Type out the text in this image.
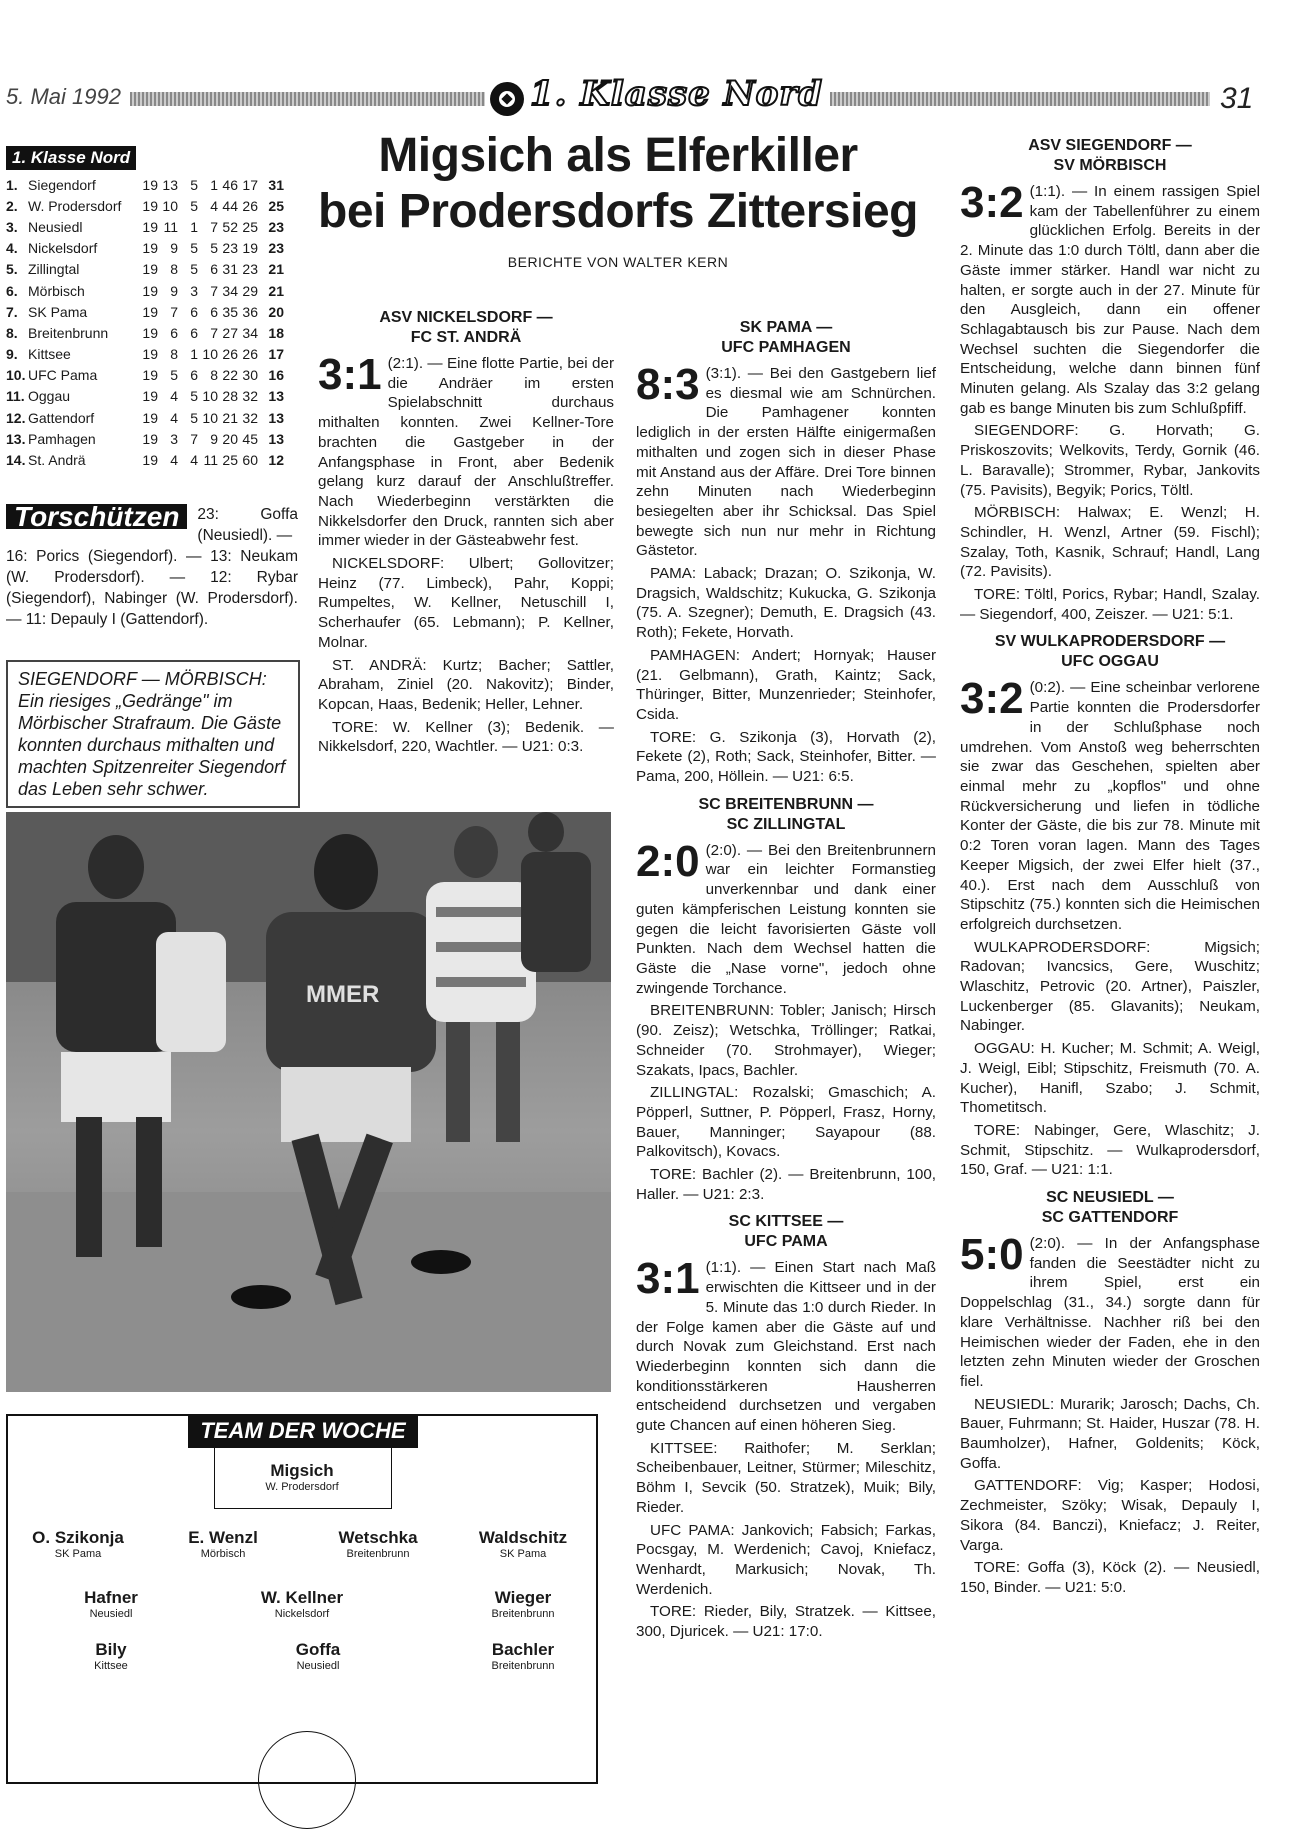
5. Mai 1992	1. Klasse Nord	31
1. Klasse Nord
1. Siegendorf	19 13 5 1 46 17 31
2. W. Prodersdorf	19 10 5 4 44 26 25
3. Neusiedl	19 11 1 7 52 25 23
4. Nickelsdorf	19 9 5 5 23 19 23
5. Zillingtal	19 8 5 6 31 23 21
6. Mörbisch	19 9 3 7 34 29 21
7. SK Pama	19 7 6 6 35 36 20
8. Breitenbrunn	19 6 6 7 27 34 18
9. Kittsee	19 8 1 10 26 26 17
10. UFC Pama	19 5 6 8 22 30 16
11. Oggau	19 4 5 10 28 32 13
12. Gattendorf	19 4 5 10 21 32 13
13. Pamhagen	19 3 7 9 20 45 13
14. St. Andrä	19 4 4 11 25 60 12
Torschützen	23: Goffa (Neusiedl). —
16: Porics (Siegendorf). — 13: Neukam (W. Prodersdorf). — 12: Rybar (Siegendorf), Nabinger (W. Prodersdorf). — 11: Depauly I (Gattendorf).
SIEGENDORF — MÖRBISCH: Ein riesiges „Gedränge" im Mörbischer Strafraum. Die Gäste konnten durchaus mithalten und machten Spitzenreiter Siegendorf das Leben sehr schwer.
MMER
TEAM DER WOCHE
Migsich
W. Prodersdorf
O. Szikonja
SK Pama
E. Wenzl
Mörbisch
Wetschka
Breitenbrunn
Waldschitz
SK Pama
Hafner
Neusiedl
W. Kellner
Nickelsdorf
Wieger
Breitenbrunn
Bily
Kittsee
Goffa
Neusiedl
Bachler
Breitenbrunn
Migsich als Elferkiller
bei Prodersdorfs Zittersieg
BERICHTE VON WALTER KERN
ASV NICKELSDORF —
FC ST. ANDRÄ
3:1 (2:1). — Eine flotte Partie, bei der die Andräer im ersten Spielabschnitt durchaus mithalten konnten. Zwei Kellner-Tore brachten die Gastgeber in der Anfangsphase in Front, aber Bedenik gelang kurz darauf der Anschlußtreffer. Nach Wiederbeginn verstärkten die Nikkelsdorfer den Druck, rannten sich aber immer wieder in der Gästeabwehr fest.

NICKELSDORF: Ulbert; Gollovitzer; Heinz (77. Limbeck), Pahr, Koppi; Rumpeltes, W. Kellner, Netuschill I, Scherhaufer (65. Lebmann); P. Kellner, Molnar.

ST. ANDRÄ: Kurtz; Bacher; Sattler, Abraham, Ziniel (20. Nakovitz); Binder, Kopcan, Haas, Bedenik; Heller, Lehner.

TORE: W. Kellner (3); Bedenik. — Nikkelsdorf, 220, Wachtler. — U21: 0:3.

SK PAMA —
UFC PAMHAGEN
8:3 (3:1). — Bei den Gastgebern lief es diesmal wie am Schnürchen. Die Pamhagener konnten lediglich in der ersten Hälfte einigermaßen mithalten und zogen sich in dieser Phase mit Anstand aus der Affäre. Drei Tore binnen zehn Minuten nach Wiederbeginn besiegelten aber ihr Schicksal. Das Spiel bewegte sich nun nur mehr in Richtung Gästetor.

PAMA: Laback; Drazan; O. Szikonja, W. Dragsich, Waldschitz; Kukucka, G. Szikonja (75. A. Szegner); Demuth, E. Dragsich (43. Roth); Fekete, Horvath.

PAMHAGEN: Andert; Hornyak; Hauser (21. Gelbmann), Grath, Kaintz; Sack, Thüringer, Bitter, Munzenrieder; Steinhofer, Csida.

TORE: G. Szikonja (3), Horvath (2), Fekete (2), Roth; Sack, Steinhofer, Bitter. — Pama, 200, Höllein. — U21: 6:5.

SC BREITENBRUNN —
SC ZILLINGTAL
2:0 (2:0). — Bei den Breitenbrunnern war ein leichter Formanstieg unverkennbar und dank einer guten kämpferischen Leistung konnten sie gegen die leicht favorisierten Gäste voll Punkten. Nach dem Wechsel hatten die Gäste die „Nase vorne", jedoch ohne zwingende Torchance.

BREITENBRUNN: Tobler; Janisch; Hirsch (90. Zeisz); Wetschka, Tröllinger; Ratkai, Schneider (70. Strohmayer), Wieger; Szakats, Ipacs, Bachler.

ZILLINGTAL: Rozalski; Gmaschich; A. Pöpperl, Suttner, P. Pöpperl, Frasz, Horny, Bauer, Manninger; Sayapour (88. Palkovitsch), Kovacs.

TORE: Bachler (2). — Breitenbrunn, 100, Haller. — U21: 2:3.

SC KITTSEE —
UFC PAMA
3:1 (1:1). — Einen Start nach Maß erwischten die Kittseer und in der 5. Minute das 1:0 durch Rieder. In der Folge kamen aber die Gäste auf und durch Novak zum Gleichstand. Erst nach Wiederbeginn konnten sich dann die konditionsstärkeren Hausherren entscheidend durchsetzen und vergaben gute Chancen auf einen höheren Sieg.

KITTSEE: Raithofer; M. Serklan; Scheibenbauer, Leitner, Stürmer; Mileschitz, Böhm I, Sevcik (50. Stratzek), Muik; Bily, Rieder.

UFC PAMA: Jankovich; Fabsich; Farkas, Pocsgay, M. Werdenich; Cavoj, Kniefacz, Wenhardt, Markusich; Novak, Th. Werdenich.

TORE: Rieder, Bily, Stratzek. — Kittsee, 300, Djuricek. — U21: 17:0.

ASV SIEGENDORF —
SV MÖRBISCH
3:2 (1:1). — In einem rassigen Spiel kam der Tabellenführer zu einem glücklichen Erfolg. Bereits in der 2. Minute das 1:0 durch Töltl, dann aber die Gäste immer stärker. Handl war nicht zu halten, er sorgte auch in der 27. Minute für den Ausgleich, dann ein offener Schlagabtausch bis zur Pause. Nach dem Wechsel suchten die Siegendorfer die Entscheidung, welche dann binnen fünf Minuten gelang. Als Szalay das 3:2 gelang gab es bange Minuten bis zum Schlußpfiff.

SIEGENDORF: G. Horvath; G. Priskoszovits; Welkovits, Terdy, Gornik (46. L. Baravalle); Strommer, Rybar, Jankovits (75. Pavisits), Begyik; Porics, Töltl.

MÖRBISCH: Halwax; E. Wenzl; H. Schindler, H. Wenzl, Artner (59. Fischl); Szalay, Toth, Kasnik, Schrauf; Handl, Lang (72. Pavisits).

TORE: Töltl, Porics, Rybar; Handl, Szalay. — Siegendorf, 400, Zeiszer. — U21: 5:1.

SV WULKAPRODERSDORF —
UFC OGGAU
3:2 (0:2). — Eine scheinbar verlorene Partie konnten die Prodersdorfer in der Schlußphase noch umdrehen. Vom Anstoß weg beherrschten sie zwar das Geschehen, spielten aber einmal mehr zu „kopflos" und ohne Rückversicherung und liefen in tödliche Konter der Gäste, die bis zur 78. Minute mit 0:2 Toren voran lagen. Mann des Tages Keeper Migsich, der zwei Elfer hielt (37., 40.). Erst nach dem Ausschluß von Stipschitz (75.) konnten sich die Heimischen erfolgreich durchsetzen.

WULKAPRODERSDORF: Migsich; Radovan; Ivancsics, Gere, Wuschitz; Wlaschitz, Petrovic (20. Artner), Paiszler, Luckenberger (85. Glavanits); Neukam, Nabinger.

OGGAU: H. Kucher; M. Schmit; A. Weigl, J. Weigl, Eibl; Stipschitz, Freismuth (70. A. Kucher), Hanifl, Szabo; J. Schmit, Thometitsch.

TORE: Nabinger, Gere, Wlaschitz; J. Schmit, Stipschitz. — Wulkaprodersdorf, 150, Graf. — U21: 1:1.

SC NEUSIEDL —
SC GATTENDORF
5:0 (2:0). — In der Anfangsphase fanden die Seestädter nicht zu ihrem Spiel, erst ein Doppelschlag (31., 34.) sorgte dann für klare Verhältnisse. Nachher riß bei den Heimischen wieder der Faden, ehe in den letzten zehn Minuten wieder der Groschen fiel.

NEUSIEDL: Murarik; Jarosch; Dachs, Ch. Bauer, Fuhrmann; St. Haider, Huszar (78. H. Baumholzer), Hafner, Goldenits; Köck, Goffa.

GATTENDORF: Vig; Kasper; Hodosi, Zechmeister, Szöky; Wisak, Depauly I, Sikora (84. Banczi), Kniefacz; J. Reiter, Varga.

TORE: Goffa (3), Köck (2). — Neusiedl, 150, Binder. — U21: 5:0.
